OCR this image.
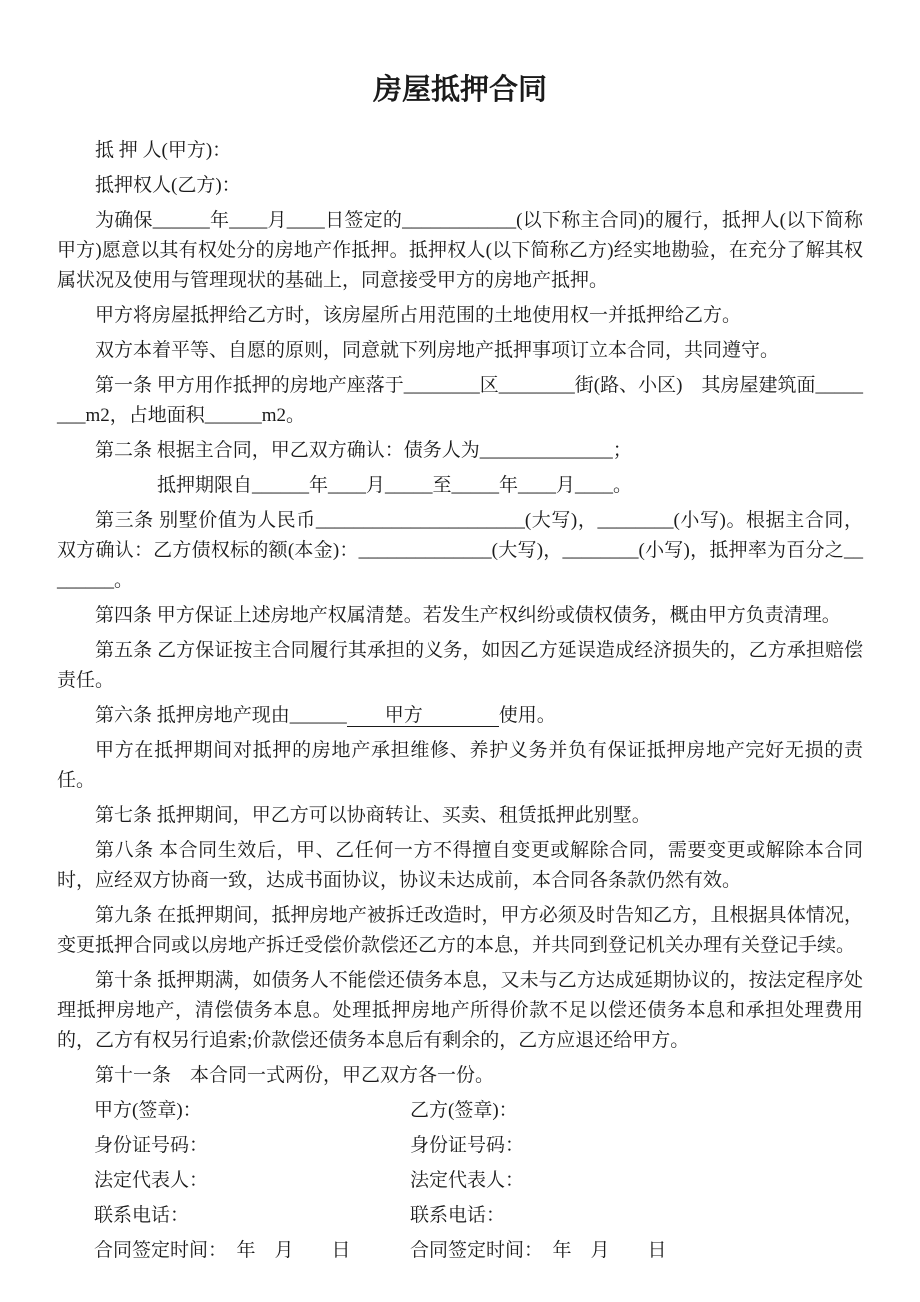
房屋抵押合同

抵 押 人(甲方)：

抵押权人(乙方)：

为确保______年____月____日签定的____________(以下称主合同)的履行，抵押人(以下简称甲方)愿意以其有权处分的房地产作抵押。抵押权人(以下简称乙方)经实地勘验，在充分了解其权属状况及使用与管理现状的基础上，同意接受甲方的房地产抵押。

甲方将房屋抵押给乙方时，该房屋所占用范围的土地使用权一并抵押给乙方。

双方本着平等、自愿的原则，同意就下列房地产抵押事项订立本合同，共同遵守。

第一条 甲方用作抵押的房地产座落于________区________街(路、小区)　其房屋建筑面________m2，占地面积______m2。

第二条 根据主合同，甲乙双方确认：债务人为______________；

抵押期限自______年____月_____至_____年____月____。

第三条 别墅价值为人民币______________________(大写)，________(小写)。根据主合同，双方确认：乙方债权标的额(本金)：______________(大写)，________(小写)，抵押率为百分之________。

第四条 甲方保证上述房地产权属清楚。若发生产权纠纷或债权债务，概由甲方负责清理。

第五条 乙方保证按主合同履行其承担的义务，如因乙方延误造成经济损失的，乙方承担赔偿责任。

第六条 抵押房地产现由______　　甲方　　　　使用。

甲方在抵押期间对抵押的房地产承担维修、养护义务并负有保证抵押房地产完好无损的责任。

第七条 抵押期间，甲乙方可以协商转让、买卖、租赁抵押此别墅。

第八条 本合同生效后，甲、乙任何一方不得擅自变更或解除合同，需要变更或解除本合同时，应经双方协商一致，达成书面协议，协议未达成前，本合同各条款仍然有效。

第九条 在抵押期间，抵押房地产被拆迁改造时，甲方必须及时告知乙方，且根据具体情况，变更抵押合同或以房地产拆迁受偿价款偿还乙方的本息，并共同到登记机关办理有关登记手续。

第十条 抵押期满，如债务人不能偿还债务本息，又未与乙方达成延期协议的，按法定程序处理抵押房地产，清偿债务本息。处理抵押房地产所得价款不足以偿还债务本息和承担处理费用的，乙方有权另行追索;价款偿还债务本息后有剩余的，乙方应退还给甲方。

第十一条　本合同一式两份，甲乙双方各一份。

甲方(签章)：	乙方(签章)：
身份证号码：	身份证号码：
法定代表人：	法定代表人：
联系电话：	联系电话：
合同签定时间：　年　月　　日	合同签定时间：　年　月　　日
